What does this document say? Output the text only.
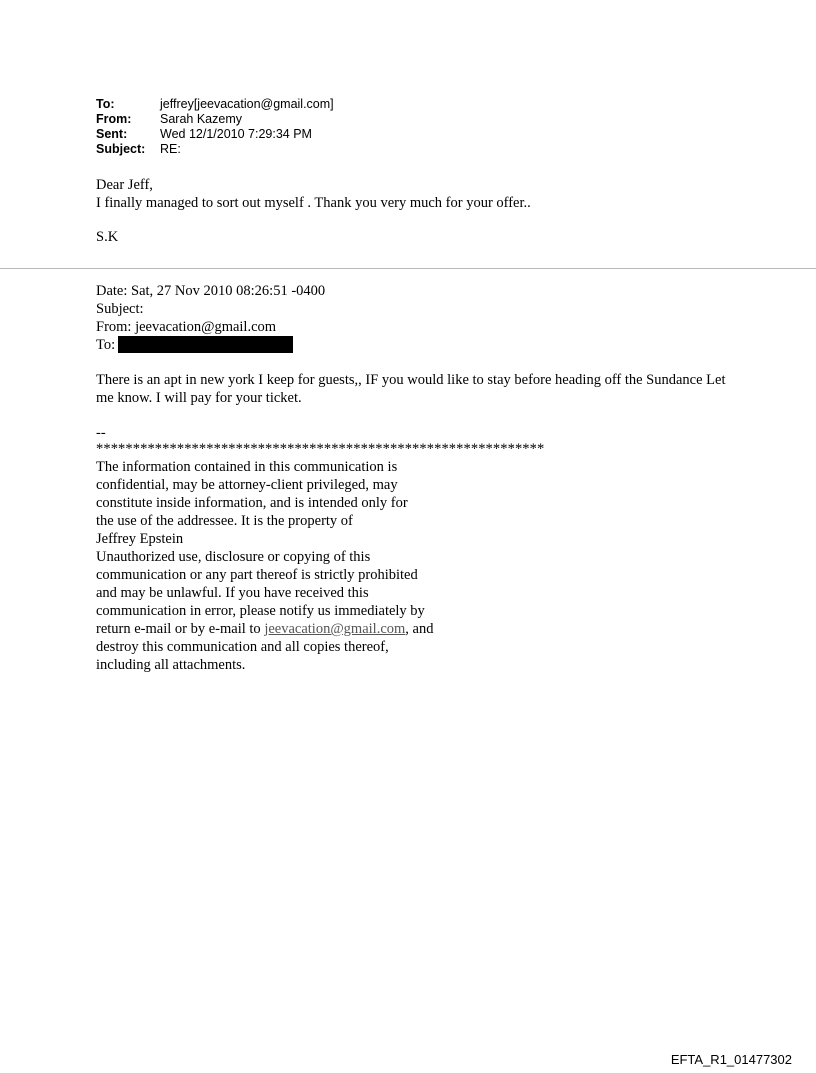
To:	jeffrey[jeevacation@gmail.com]
From:	Sarah Kazemy
Sent:	Wed 12/1/2010 7:29:34 PM
Subject:	RE:

Dear Jeff,

I finally managed to sort out myself . Thank you very much for your offer..

S.K

Date: Sat, 27 Nov 2010 08:26:51 -0400
Subject:
From: jeevacation@gmail.com
To:
There is an apt in new york I keep for guests,, IF you would like to stay before heading off the Sundance Let me know. I will pay for your ticket.
--
*************************************************************
The information contained in this communication is
confidential, may be attorney-client privileged, may
constitute inside information, and is intended only for
the use of the addressee. It is the property of
Jeffrey Epstein
Unauthorized use, disclosure or copying of this
communication or any part thereof is strictly prohibited
and may be unlawful. If you have received this
communication in error, please notify us immediately by
return e-mail or by e-mail to jeevacation@gmail.com, and
destroy this communication and all copies thereof,
including all attachments.
EFTA_R1_01477302
